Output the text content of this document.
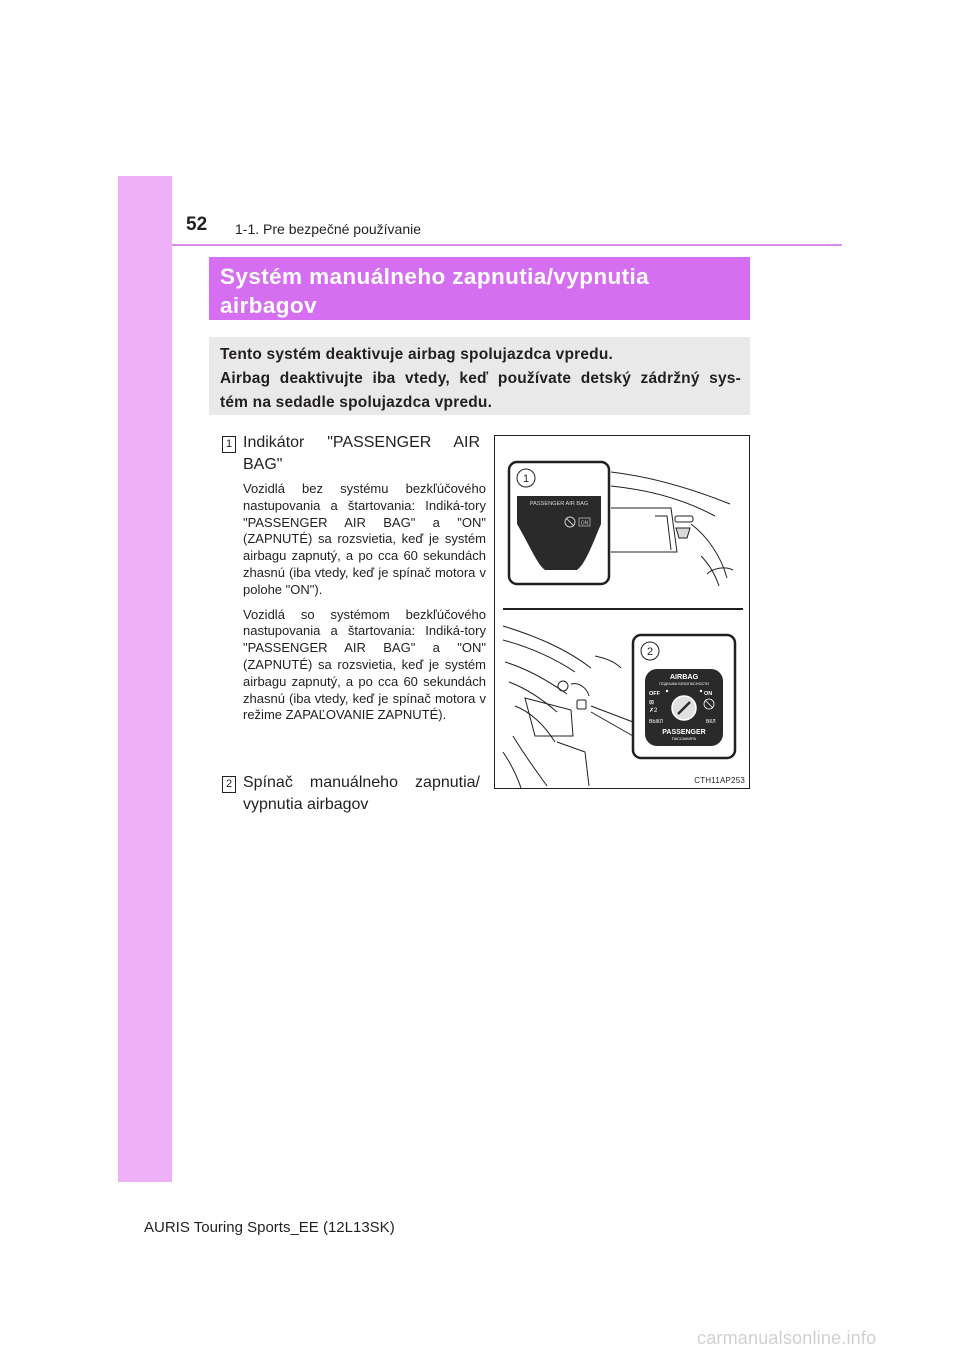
52 1-1. Pre bezpečné používanie
Systém manuálneho zapnutia/vypnutia
airbagov
Tento systém deaktivuje airbag spolujazdca vpredu.
Airbag deaktivujte iba vtedy, keď používate detský zádržný sys-
tém na sedadle spolujazdca vpredu.
1 Indikátor "PASSENGER AIR
BAG"

Vozidlá bez systému bezkľúčového nastupovania a štartovania: Indiká-tory "PASSENGER AIR BAG" a "ON" (ZAPNUTÉ) sa rozsvietia, keď je systém airbagu zapnutý, a po cca 60 sekundách zhasnú (iba vtedy, keď je spínač motora v polohe "ON").

Vozidlá so systémom bezkľúčového nastupovania a štartovania: Indiká-tory "PASSENGER AIR BAG" a "ON" (ZAPNUTÉ) sa rozsvietia, keď je systém airbagu zapnutý, a po cca 60 sekundách zhasnú (iba vtedy, keď je spínač motora v režime ZAPAĽOVANIE ZAPNUTÉ).

2 Spínač manuálneho zapnutia/
vypnutia airbagov
1
PASSENGER AIR BAG
ON
2
AIRBAG
ПОДУШКА БЕЗОПАСНОСТИ
OFF	ON
⊠
✗2
ВЫКЛ	ВКЛ
PASSENGER
ПАССАЖИРА
CTH11AP253
AURIS Touring Sports_EE (12L13SK)
carmanualsonline.info
